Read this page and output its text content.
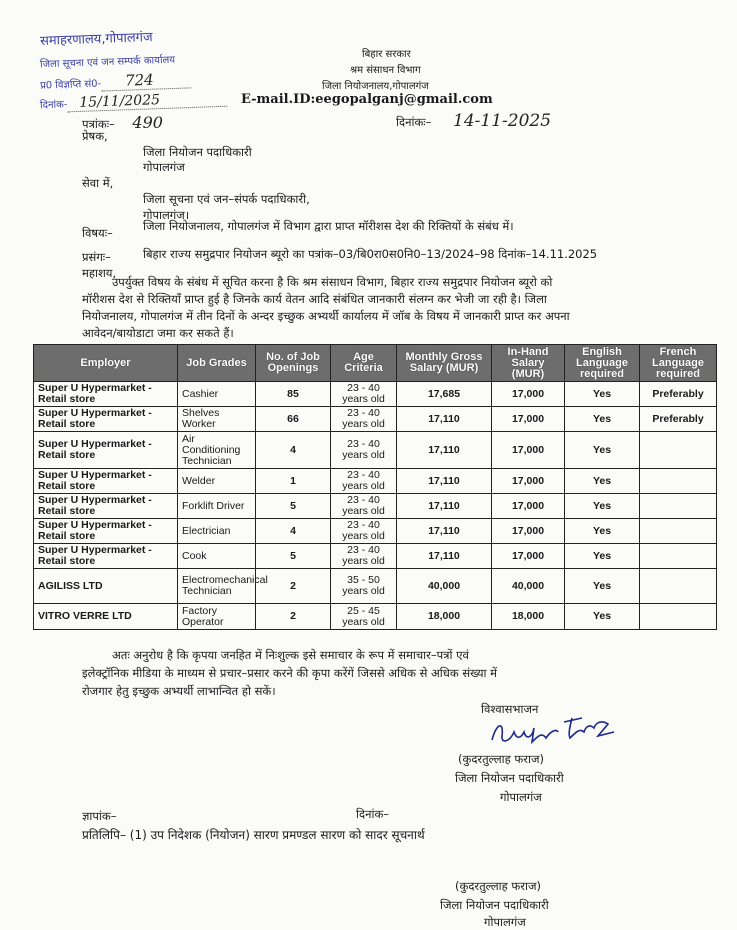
समाहरणालय,गोपालगंज
जिला सूचना एवं जन सम्पर्क कार्यालय
प्र0 विज्ञप्ति सं0- 724
दिनांक- 15/11/2025
बिहार सरकार
श्रम संसाधन विभाग
जिला नियोजनालय,गोपालगंज
E-mail.ID:eegopalganj@gmail.com
पत्रांकः– 490	दिनांकः– 14-11-2025
प्रेषक,
जिला नियोजन पदाधिकारी
गोपालगंज
सेवा में,
जिला सूचना एवं जन–संपर्क पदाधिकारी,
गोपालगंज।
विषयः–	जिला नियोजनालय, गोपालगंज में विभाग द्वारा प्राप्त मॉरीशस देश की रिक्तियों के संबंध में।
प्रसंगः–	बिहार राज्य समुद्रपार नियोजन ब्यूरो का पत्रांक–03/बि0रा0स0नि0–13/2024–98 दिनांक–14.11.2025
महाशय,
उपर्युक्त विषय के संबंध में सूचित करना है कि श्रम संसाधन विभाग, बिहार राज्य समुद्रपार नियोजन ब्यूरो को
मॉरीशस देश से रिक्तियाँ प्राप्त हुई है जिनके कार्य वेतन आदि संबंधित जानकारी संलग्न कर भेजी जा रही है। जिला
नियोजनालय, गोपालगंज में तीन दिनों के अन्दर इच्छुक अभ्यर्थी कार्यालय में जॉब के विषय में जानकारी प्राप्त कर अपना
आवेदन/बायोडाटा जमा कर सकते हैं।
Employer	Job Grades	No. of Job Openings	Age Criteria	Monthly Gross Salary (MUR)	In-Hand Salary (MUR)	English Language required	French Language required
Super U Hypermarket - Retail store	Cashier	85	23 - 40 years old	17,685	17,000	Yes	Preferably
Super U Hypermarket - Retail store	Shelves Worker	66	23 - 40 years old	17,110	17,000	Yes	Preferably
Super U Hypermarket - Retail store	Air Conditioning Technician	4	23 - 40 years old	17,110	17,000	Yes	
Super U Hypermarket - Retail store	Welder	1	23 - 40 years old	17,110	17,000	Yes	
Super U Hypermarket - Retail store	Forklift Driver	5	23 - 40 years old	17,110	17,000	Yes	
Super U Hypermarket - Retail store	Electrician	4	23 - 40 years old	17,110	17,000	Yes	
Super U Hypermarket - Retail store	Cook	5	23 - 40 years old	17,110	17,000	Yes	
AGILISS LTD	Electromechanical Technician	2	35 - 50 years old	40,000	40,000	Yes	
VITRO VERRE LTD	Factory Operator	2	25 - 45 years old	18,000	18,000	Yes	
अतः अनुरोध है कि कृपया जनहित में निःशुल्क इसे समाचार के रूप में समाचार–पत्रों एवं
इलेक्ट्रॉनिक मीडिया के माध्यम से प्रचार–प्रसार करने की कृपा करेंगें जिससे अधिक से अधिक संख्या में
रोजगार हेतु इच्छुक अभ्यर्थी लाभान्वित हो सकें।
विश्वासभाजन
(कुदरतुल्लाह फराज)
जिला नियोजन पदाधिकारी
गोपालगंज
ज्ञापांक–	दिनांक–
प्रतिलिपि– (1) उप निदेशक (नियोजन) सारण प्रमण्डल सारण को सादर सूचनार्थ
(कुदरतुल्लाह फराज)
जिला नियोजन पदाधिकारी
गोपालगंज
